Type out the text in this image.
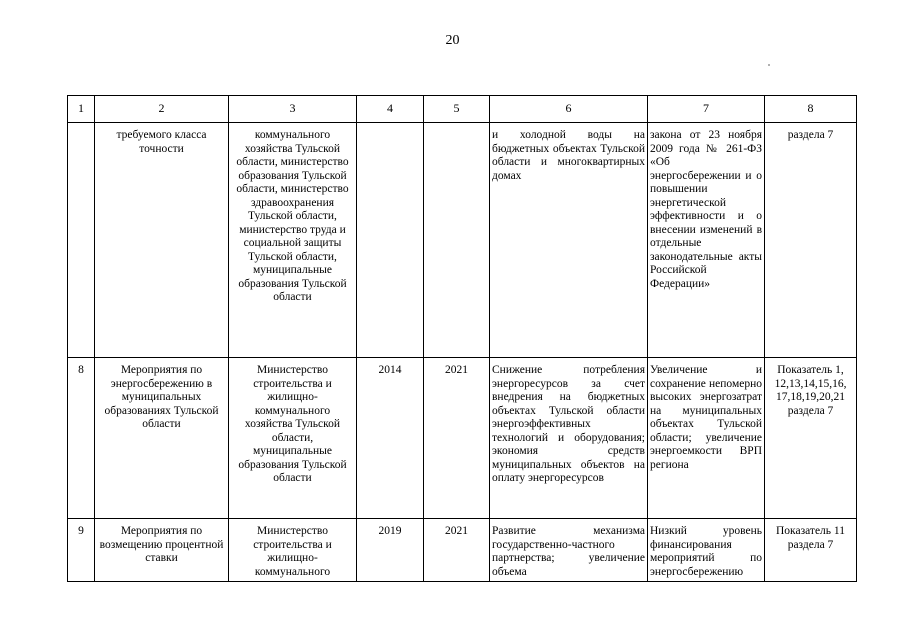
20
1	2	3	4	5	6	7	8
	требуемого класса точности	коммунального хозяйства Тульской области, министерство образования Тульской области, министерство здравоохранения Тульской области, министерство труда и социальной защиты Тульской области, муниципальные образования Тульской области			и холодной воды на бюджетных объектах Тульской области и многоквартирных домах	закона от 23 ноября 2009 года № 261-ФЗ «Об энергосбережении и о повышении энергетической эффективности и о внесении изменений в отдельные законодательные акты Российской Федерации»	раздела 7
8	Мероприятия по энергосбережению в муниципальных образованиях Тульской области	Министерство строительства и жилищно-коммунального хозяйства Тульской области, муниципальные образования Тульской области	2014	2021	Снижение потребления энергоресурсов за счет внедрения на бюджетных объектах Тульской области энергоэффективных технологий и оборудования; экономия средств муниципальных объектов на оплату энергоресурсов	Увеличение и сохранение непомерно высоких энергозатрат на муниципальных объектах Тульской области; увеличение энергоемкости ВРП региона	Показатель 1, 12,13,14,15,16, 17,18,19,20,21 раздела 7
9	Мероприятия по возмещению процентной ставки	Министерство строительства и жилищно-коммунального	2019	2021	Развитие механизма государственно-частного партнерства; увеличение объема	Низкий уровень финансирования мероприятий по энергосбережению	Показатель 11 раздела 7
